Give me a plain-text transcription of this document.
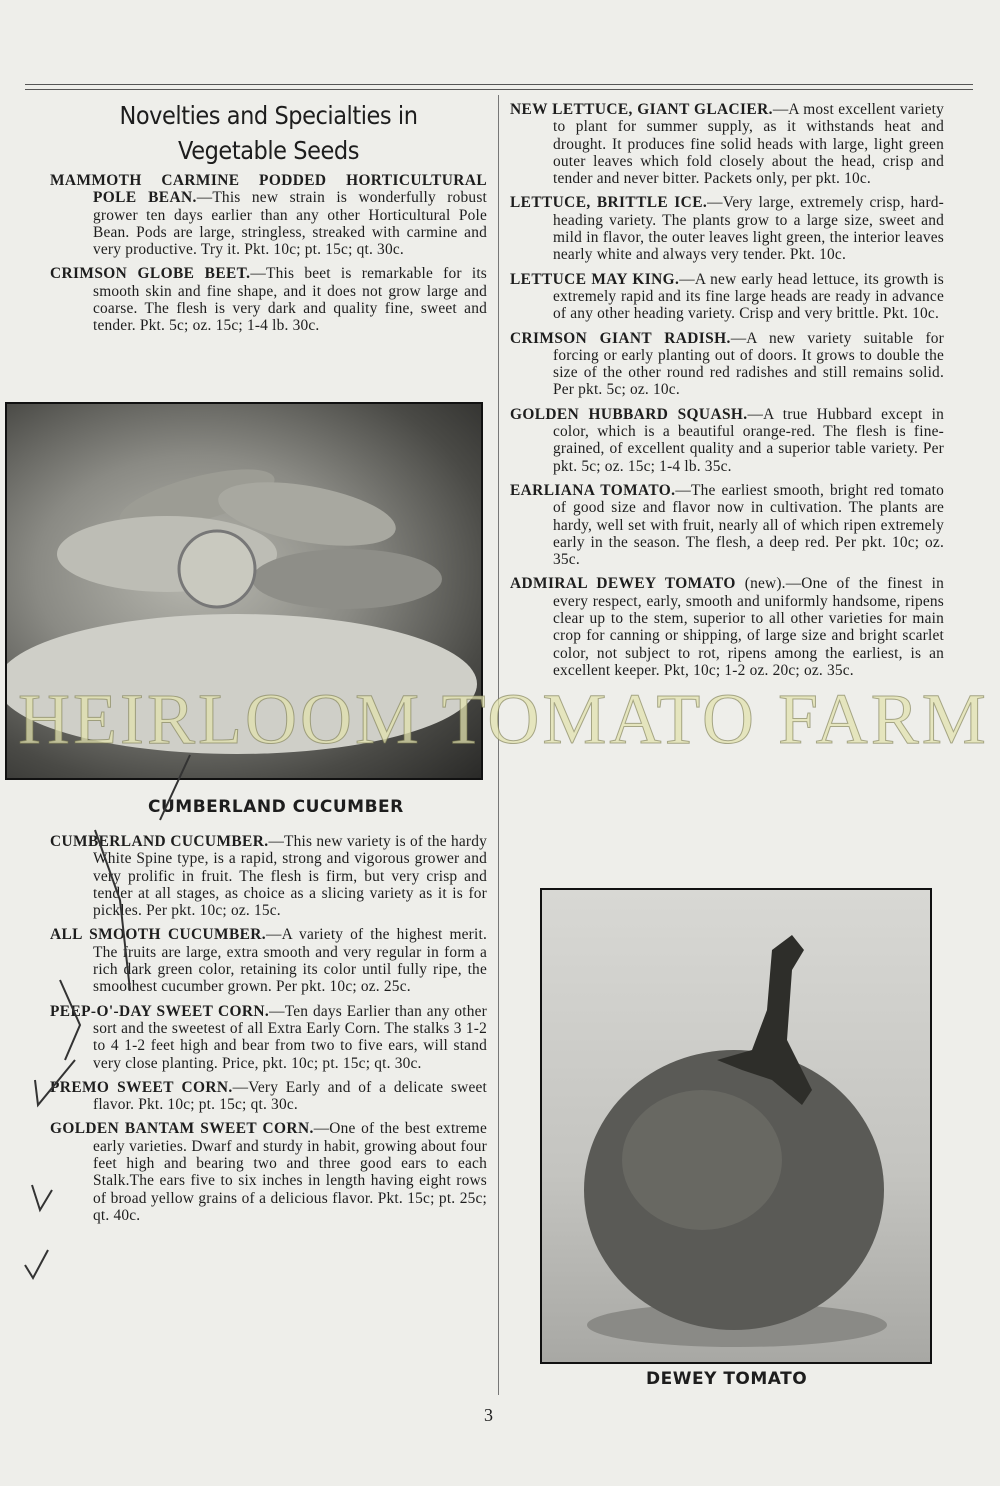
Novelties and Specialties in Vegetable Seeds
MAMMOTH CARMINE PODDED HORTICULTURAL POLE BEAN.—This new strain is wonderfully robust grower ten days earlier than any other Horticultural Pole Bean. Pods are large, stringless, streaked with carmine and very productive. Try it. Pkt. 10c; pt. 15c; qt. 30c.
CRIMSON GLOBE BEET.—This beet is remarkable for its smooth skin and fine shape, and it does not grow large and coarse. The flesh is very dark and quality fine, sweet and tender. Pkt. 5c; oz. 15c; 1-4 lb. 30c.
CUMBERLAND CUCUMBER
CUMBERLAND CUCUMBER.—This new variety is of the hardy White Spine type, is a rapid, strong and vigorous grower and very prolific in fruit. The flesh is firm, but very crisp and tender at all stages, as choice as a slicing variety as it is for pickles. Per pkt. 10c; oz. 15c.
ALL SMOOTH CUCUMBER.—A variety of the highest merit. The fruits are large, extra smooth and very regular in form a rich dark green color, retaining its color until fully ripe, the smoothest cucumber grown. Per pkt. 10c; oz. 25c.
PEEP-O'-DAY SWEET CORN.—Ten days Earlier than any other sort and the sweetest of all Extra Early Corn. The stalks 3 1-2 to 4 1-2 feet high and bear from two to five ears, will stand very close planting. Price, pkt. 10c; pt. 15c; qt. 30c.
PREMO SWEET CORN.—Very Early and of a delicate sweet flavor. Pkt. 10c; pt. 15c; qt. 30c.
GOLDEN BANTAM SWEET CORN.—One of the best extreme early varieties. Dwarf and sturdy in habit, growing about four feet high and bearing two and three good ears to each Stalk.The ears five to six inches in length having eight rows of broad yellow grains of a delicious flavor. Pkt. 15c; pt. 25c; qt. 40c.
NEW LETTUCE, GIANT GLACIER.—A most excellent variety to plant for summer supply, as it withstands heat and drought. It produces fine solid heads with large, light green outer leaves which fold closely about the head, crisp and tender and never bitter. Packets only, per pkt. 10c.
LETTUCE, BRITTLE ICE.—Very large, extremely crisp, hard-heading variety. The plants grow to a large size, sweet and mild in flavor, the outer leaves light green, the interior leaves nearly white and always very tender. Pkt. 10c.
LETTUCE MAY KING.—A new early head lettuce, its growth is extremely rapid and its fine large heads are ready in advance of any other heading variety. Crisp and very brittle. Pkt. 10c.
CRIMSON GIANT RADISH.—A new variety suitable for forcing or early planting out of doors. It grows to double the size of the other round red radishes and still remains solid. Per pkt. 5c; oz. 10c.
GOLDEN HUBBARD SQUASH.—A true Hubbard except in color, which is a beautiful orange-red. The flesh is fine-grained, of excellent quality and a superior table variety. Per pkt. 5c; oz. 15c; 1-4 lb. 35c.
EARLIANA TOMATO.—The earliest smooth, bright red tomato of good size and flavor now in cultivation. The plants are hardy, well set with fruit, nearly all of which ripen extremely early in the season. The flesh, a deep red. Per pkt. 10c; oz. 35c.
ADMIRAL DEWEY TOMATO (new).—One of the finest in every respect, early, smooth and uniformly handsome, ripens clear up to the stem, superior to all other varieties for main crop for canning or shipping, of large size and bright scarlet color, not subject to rot, ripens among the earliest, is an excellent keeper. Pkt, 10c; 1-2 oz. 20c; oz. 35c.
DEWEY TOMATO
3
HEIRLOOM TOMATO FARM
